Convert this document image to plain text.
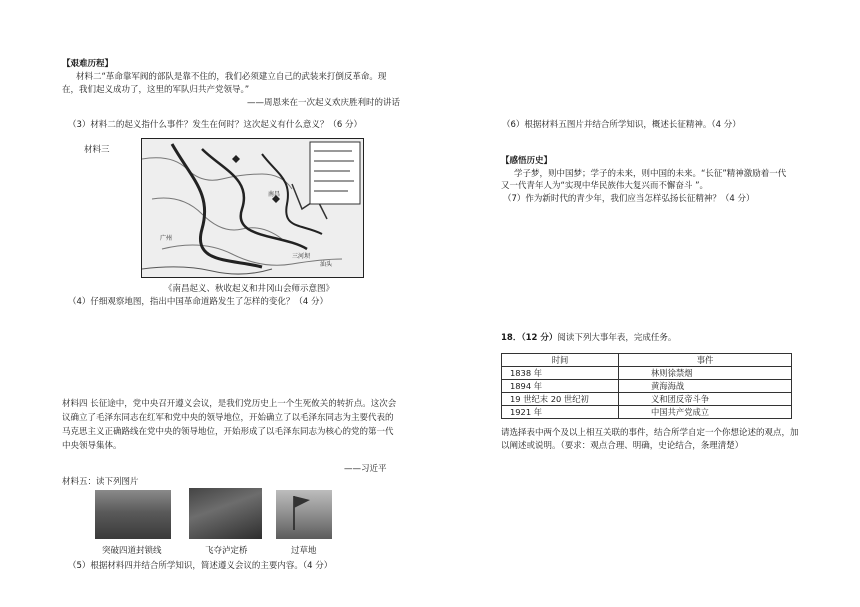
【艰难历程】
材料二“革命靠军阀的部队是靠不住的，我们必须建立自己的武装来打倒反革命。现
在，我们起义成功了，这里的军队归共产党领导。”
——周恩来在一次起义欢庆胜利时的讲话
（3）材料二的起义指什么事件？发生在何时？这次起义有什么意义？（6 分）
材料三
南昌
广州
三河坝
汕头
《南昌起义、秋收起义和井冈山会师示意图》
（4）仔细观察地图，指出中国革命道路发生了怎样的变化？（4 分）
材料四 长征途中，党中央召开遵义会议，是我们党历史上一个生死攸关的转折点。这次会
议确立了毛泽东同志在红军和党中央的领导地位，开始确立了以毛泽东同志为主要代表的
马克思主义正确路线在党中央的领导地位，开始形成了以毛泽东同志为核心的党的第一代
中央领导集体。
——习近平
材料五：读下列图片
突破四道封锁线	飞夺泸定桥	过草地
（5）根据材料四并结合所学知识，简述遵义会议的主要内容。（4 分）
（6）根据材料五图片并结合所学知识，概述长征精神。（4 分）
【感悟历史】
学子梦，则中国梦；学子的未来，则中国的未来。“长征”精神激励着一代
又一代青年人为“实现中华民族伟大复兴而不懈奋斗 ”。
（7）作为新时代的青少年，我们应当怎样弘扬长征精神？（4 分）
18．（12 分）阅读下列大事年表，完成任务。
时间	事件
1838 年	林则徐禁烟
1894 年	黄海海战
19 世纪末 20 世纪初	义和团反帝斗争
1921 年	中国共产党成立
请选择表中两个及以上相互关联的事件，结合所学自定一个你想论述的观点，加
以阐述或说明。（要求：观点合理、明确，史论结合，条理清楚）
